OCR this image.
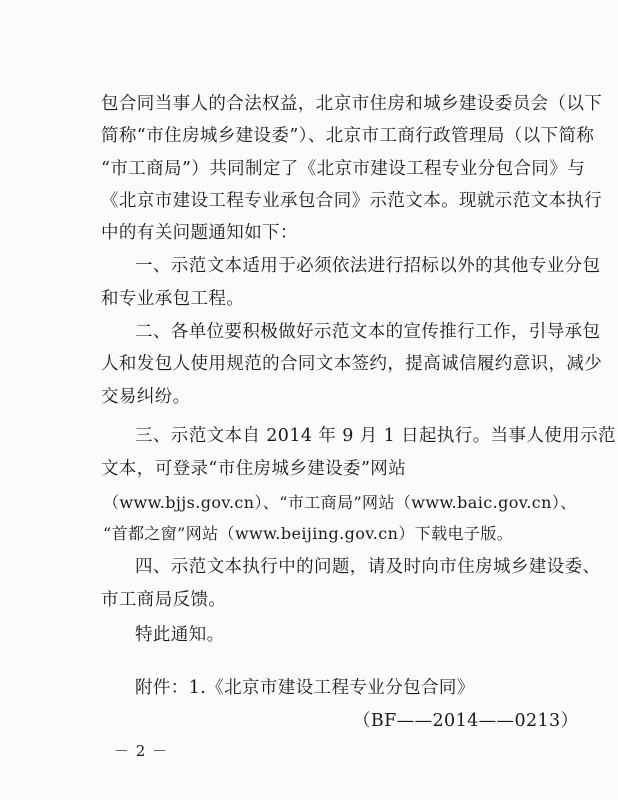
包合同当事人的合法权益，北京市住房和城乡建设委员会（以下
简称“市住房城乡建设委”）、北京市工商行政管理局（以下简称
“市工商局”）共同制定了《北京市建设工程专业分包合同》与
《北京市建设工程专业承包合同》示范文本。现就示范文本执行
中的有关问题通知如下：
一、示范文本适用于必须依法进行招标以外的其他专业分包
和专业承包工程。
二、各单位要积极做好示范文本的宣传推行工作，引导承包
人和发包人使用规范的合同文本签约，提高诚信履约意识，减少
交易纠纷。
三、示范文本自 2014 年 9 月 1 日起执行。当事人使用示范
文本，可登录“市住房城乡建设委”网站
（www.bjjs.gov.cn）、“市工商局”网站（www.baic.gov.cn）、
“首都之窗”网站（www.beijing.gov.cn）下载电子版。
四、示范文本执行中的问题，请及时向市住房城乡建设委、
市工商局反馈。
特此通知。
附件：1.《北京市建设工程专业分包合同》
（BF——2014——0213）
－ 2 －
